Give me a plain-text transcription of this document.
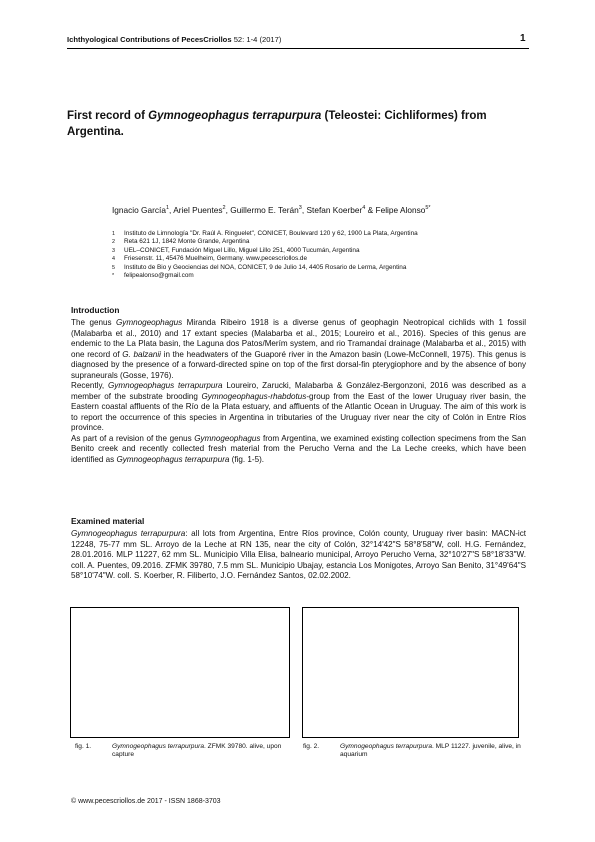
Ichthyological Contributions of PecesCriollos 52: 1-4 (2017)	1
First record of Gymnogeophagus terrapurpura (Teleostei: Cichliformes) from Argentina.
Ignacio García$^1$, Ariel Puentes$^2$, Guillermo E. Terán$^3$, Stefan Koerber$^4$ & Felipe Alonso$^{5*}$
1	Instituto de Limnología "Dr. Raúl A. Ringuelet", CONICET, Boulevard 120 y 62, 1900 La Plata, Argentina
2	Reta 621 1J, 1842 Monte Grande, Argentina
3	UEL–CONICET, Fundación Miguel Lillo, Miguel Lillo 251, 4000 Tucumán, Argentina
4	Friesenstr. 11, 45476 Muelheim, Germany. www.pecescriollos.de
5	Instituto de Bio y Geociencias del NOA, CONICET, 9 de Julio 14, 4405 Rosario de Lerma, Argentina
*	felipealonso@gmail.com
Introduction

The genus Gymnogeophagus Miranda Ribeiro 1918 is a diverse genus of geophagin Neotropical cichlids with 1 fossil (Malabarba et al., 2010) and 17 extant species (Malabarba et al., 2015; Loureiro et al., 2016). Species of this genus are endemic to the La Plata basin, the Laguna dos Patos/Merím system, and rio Tramandaí drainage (Malabarba et al., 2015) with one record of G. balzanii in the headwaters of the Guaporé river in the Amazon basin (Lowe-McConnell, 1975). This genus is diagnosed by the presence of a forward-directed spine on top of the first dorsal-fin pterygiophore and by the absence of bony supraneurals (Gosse, 1976).

Recently, Gymnogeophagus terrapurpura Loureiro, Zarucki, Malabarba & González-Bergonzoni, 2016 was described as a member of the substrate brooding Gymnogeophagus-rhabdotus-group from the East of the lower Uruguay river basin, the Eastern coastal affluents of the Río de la Plata estuary, and affluents of the Atlantic Ocean in Uruguay. The aim of this work is to report the occurrence of this species in Argentina in tributaries of the Uruguay river near the city of Colón in Entre Ríos province.

As part of a revision of the genus Gymnogeophagus from Argentina, we examined existing collection specimens from the San Benito creek and recently collected fresh material from the Perucho Verna and the La Leche creeks, which have been identified as Gymnogeophagus terrapurpura (fig. 1-5).

Examined material

Gymnogeophagus terrapurpura: all lots from Argentina, Entre Ríos province, Colón county, Uruguay river basin: MACN-ict 12248, 75-77 mm SL. Arroyo de la Leche at RN 135, near the city of Colón, 32°14'42"S 58°8'58"W, coll. H.G. Fernández, 28.01.2016. MLP 11227, 62 mm SL. Municipio Villa Elisa, balneario municipal, Arroyo Perucho Verna, 32°10'27"S 58°18'33"W. coll. A. Puentes, 09.2016. ZFMK 39780, 7.5 mm SL. Municipio Ubajay, estancia Los Monigotes, Arroyo San Benito, 31°49'64"S 58°10'74"W. coll. S. Koerber, R. Filiberto, J.O. Fernández Santos, 02.02.2002.

fig. 1.	Gymnogeophagus terrapurpura. ZFMK 39780. alive, upon capture
fig. 2.	Gymnogeophagus terrapurpura. MLP 11227. juvenile, alive, in aquarium
© www.pecescriollos.de 2017 - ISSN 1868-3703
